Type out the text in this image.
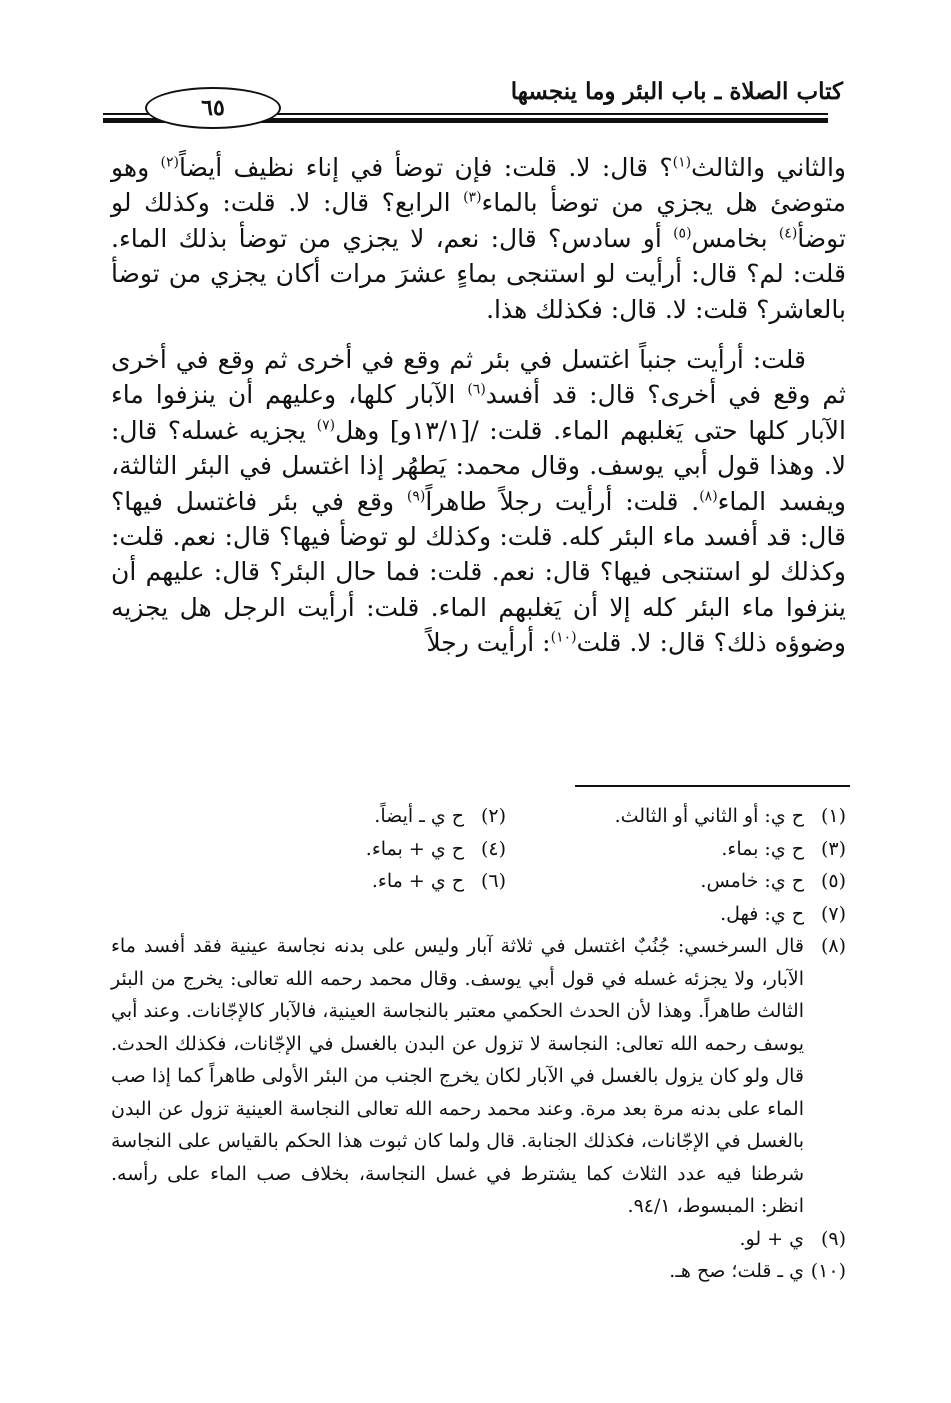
كتاب الصلاة ـ باب البئر وما ينجسها
٦٥

والثاني والثالث$^{(١)}$؟ قال: لا. قلت: فإن توضأ في إناء نظيف أيضاً$^{(٢)}$ وهو متوضئ هل يجزي من توضأ بالماء$^{(٣)}$ الرابع؟ قال: لا. قلت: وكذلك لو توضأ$^{(٤)}$ بخامس$^{(٥)}$ أو سادس؟ قال: نعم، لا يجزي من توضأ بذلك الماء. قلت: لم؟ قال: أرأيت لو استنجى بماءٍ عشرَ مرات أكان يجزي من توضأ بالعاشر؟ قلت: لا. قال: فكذلك هذا.

قلت: أرأيت جنباً اغتسل في بئر ثم وقع في أخرى ثم وقع في أخرى ثم وقع في أخرى؟ قال: قد أفسد$^{(٦)}$ الآبار كلها، وعليهم أن ينزفوا ماء الآبار كلها حتى يَغلبهم الماء. قلت: /[١٣/١و] وهل$^{(٧)}$ يجزيه غسله؟ قال: لا. وهذا قول أبي يوسف. وقال محمد: يَطهُر إذا اغتسل في البئر الثالثة، ويفسد الماء$^{(٨)}$. قلت: أرأيت رجلاً طاهراً$^{(٩)}$ وقع في بئر فاغتسل فيها؟ قال: قد أفسد ماء البئر كله. قلت: وكذلك لو توضأ فيها؟ قال: نعم. قلت: وكذلك لو استنجى فيها؟ قال: نعم. قلت: فما حال البئر؟ قال: عليهم أن ينزفوا ماء البئر كله إلا أن يَغلبهم الماء. قلت: أرأيت الرجل هل يجزيه وضوؤه ذلك؟ قال: لا. قلت$^{(١٠)}$: أرأيت رجلاً

(١)
ح ي: أو الثاني أو الثالث.
(٢)
ح ي ـ أيضاً.
(٣)
ح ي: بماء.
(٤)
ح ي + بماء.
(٥)
ح ي: خامس.
(٦)
ح ي + ماء.
(٧)
ح ي: فهل.
(٨)
قال السرخسي: جُنُبٌ اغتسل في ثلاثة آبار وليس على بدنه نجاسة عينية فقد أفسد ماء الآبار، ولا يجزئه غسله في قول أبي يوسف. وقال محمد رحمه الله تعالى: يخرج من البئر الثالث طاهراً. وهذا لأن الحدث الحكمي معتبر بالنجاسة العينية، فالآبار كالإجّانات. وعند أبي يوسف رحمه الله تعالى: النجاسة لا تزول عن البدن بالغسل في الإجّانات، فكذلك الحدث. قال ولو كان يزول بالغسل في الآبار لكان يخرج الجنب من البئر الأولى طاهراً كما إذا صب الماء على بدنه مرة بعد مرة. وعند محمد رحمه الله تعالى النجاسة العينية تزول عن البدن بالغسل في الإجّانات، فكذلك الجنابة. قال ولما كان ثبوت هذا الحكم بالقياس على النجاسة شرطنا فيه عدد الثلاث كما يشترط في غسل النجاسة، بخلاف صب الماء على رأسه. انظر: المبسوط، ٩٤/١.
(٩)
ي + لو.
(١٠)
ي ـ قلت؛ صح هـ.
